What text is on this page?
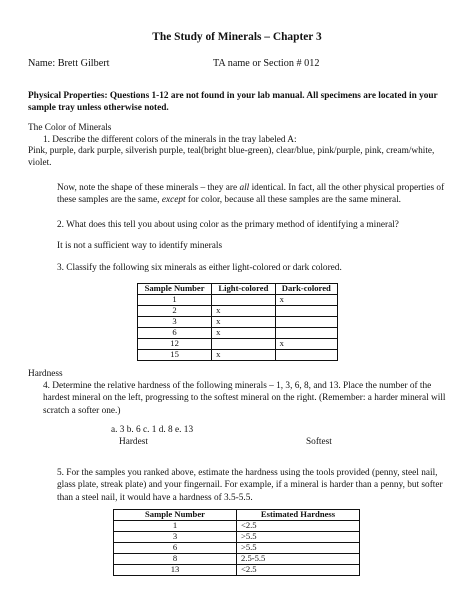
The Study of Minerals – Chapter 3
Name: Brett Gilbert	TA name or Section # 012
Physical Properties: Questions 1-12 are not found in your lab manual. All specimens are located in your sample tray unless otherwise noted.
The Color of Minerals
1. Describe the different colors of the minerals in the tray labeled A:
Pink, purple, dark purple, silverish purple, teal(bright blue-green), clear/blue, pink/purple, pink, cream/white, violet.
Now, note the shape of these minerals – they are all identical. In fact, all the other physical properties of these samples are the same, except for color, because all these samples are the same mineral.
2. What does this tell you about using color as the primary method of identifying a mineral?
It is not a sufficient way to identify minerals
3. Classify the following six minerals as either light-colored or dark colored.
Sample Number	Light-colored	Dark-colored
1		x
2	x	
3	x	
6	x	
12		x
15	x	
Hardness
4. Determine the relative hardness of the following minerals – 1, 3, 6, 8, and 13. Place the number of the hardest mineral on the left, progressing to the softest mineral on the right. (Remember: a harder mineral will scratch a softer one.)
a. 3 b. 6 c. 1 d. 8 e. 13
Hardest	Softest
5. For the samples you ranked above, estimate the hardness using the tools provided (penny, steel nail, glass plate, streak plate) and your fingernail. For example, if a mineral is harder than a penny, but softer than a steel nail, it would have a hardness of 3.5-5.5.
Sample Number	Estimated Hardness
1	<2.5
3	>5.5
6	>5.5
8	2.5-5.5
13	<2.5
